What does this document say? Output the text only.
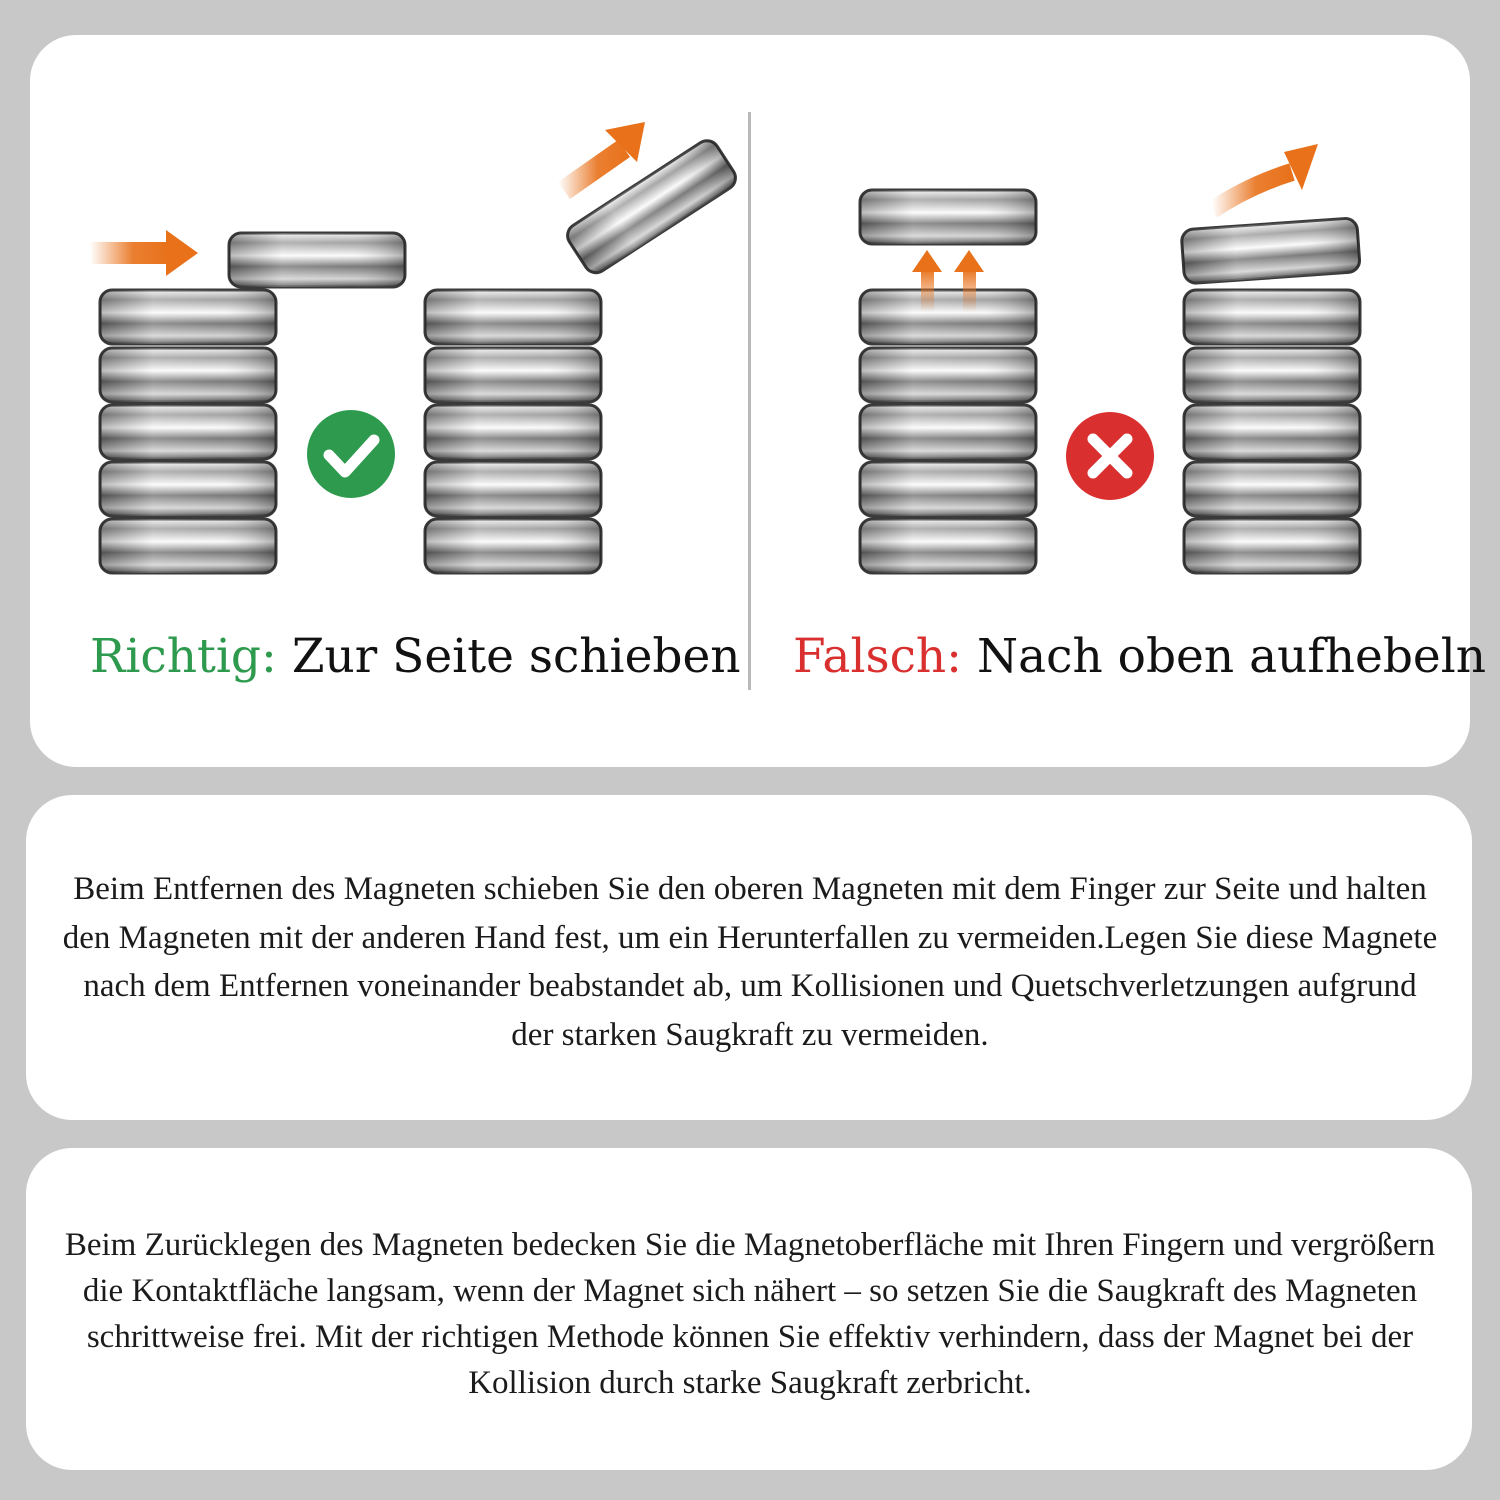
Richtig: Zur Seite schieben Falsch: Nach oben aufhebeln
Beim Entfernen des Magneten schieben Sie den oberen Magneten mit dem Finger zur Seite und halten den Magneten mit der anderen Hand fest, um ein Herunterfallen zu vermeiden.Legen Sie diese Magnete nach dem Entfernen voneinander beabstandet ab, um Kollisionen und Quetschverletzungen aufgrund der starken Saugkraft zu vermeiden.
Beim Zurücklegen des Magneten bedecken Sie die Magnetoberfläche mit Ihren Fingern und vergrößern die Kontaktfläche langsam, wenn der Magnet sich nähert – so setzen Sie die Saugkraft des Magneten schrittweise frei. Mit der richtigen Methode können Sie effektiv verhindern, dass der Magnet bei der Kollision durch starke Saugkraft zerbricht.
